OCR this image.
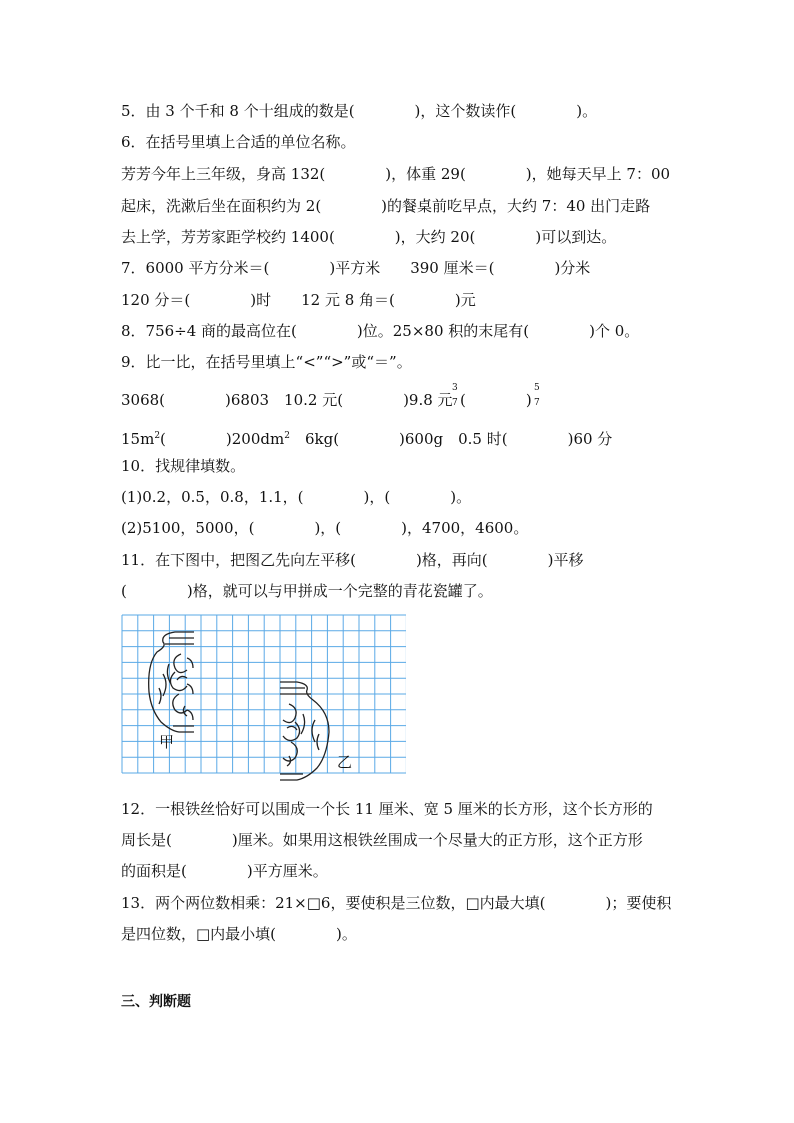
5．由 3 个千和 8 个十组成的数是(　　　　)，这个数读作(　　　　)。
6．在括号里填上合适的单位名称。
芳芳今年上三年级，身高 132(　　　　)，体重 29(　　　　)，她每天早上 7：00
起床，洗漱后坐在面积约为 2(　　　　)的餐桌前吃早点，大约 7：40 出门走路
去上学，芳芳家距学校约 1400(　　　　)，大约 20(　　　　)可以到达。
7．6000 平方分米＝(　　　　)平方米　　390 厘米＝(　　　　)分米
120 分＝(　　　　)时　　12 元 8 角＝(　　　　)元
8．756÷4 商的最高位在(　　　　)位。25×80 积的末尾有(　　　　)个 0。
9．比一比，在括号里填上“<”“>”或“＝”。
3068(　　　　)6803　10.2 元(　　　　)9.8 元
3
7 (　　　　)
5
7
$15m^2$(　　　　)$200dm^2$　6kg(　　　　)600g　0.5 时(　　　　)60 分
10．找规律填数。
(1)0.2，0.5，0.8，1.1，(　　　　)，(　　　　)。
(2)5100，5000，(　　　　)，(　　　　)，4700，4600。
11．在下图中，把图乙先向左平移(　　　　)格，再向(　　　　)平移
(　　　　)格，就可以与甲拼成一个完整的青花瓷罐了。
甲
乙
12．一根铁丝恰好可以围成一个长 11 厘米、宽 5 厘米的长方形，这个长方形的
周长是(　　　　)厘米。如果用这根铁丝围成一个尽量大的正方形，这个正方形
的面积是(　　　　)平方厘米。
13．两个两位数相乘：21×□6，要使积是三位数，□内最大填(　　　　)；要使积
是四位数，□内最小填(　　　　)。
三、判断题
